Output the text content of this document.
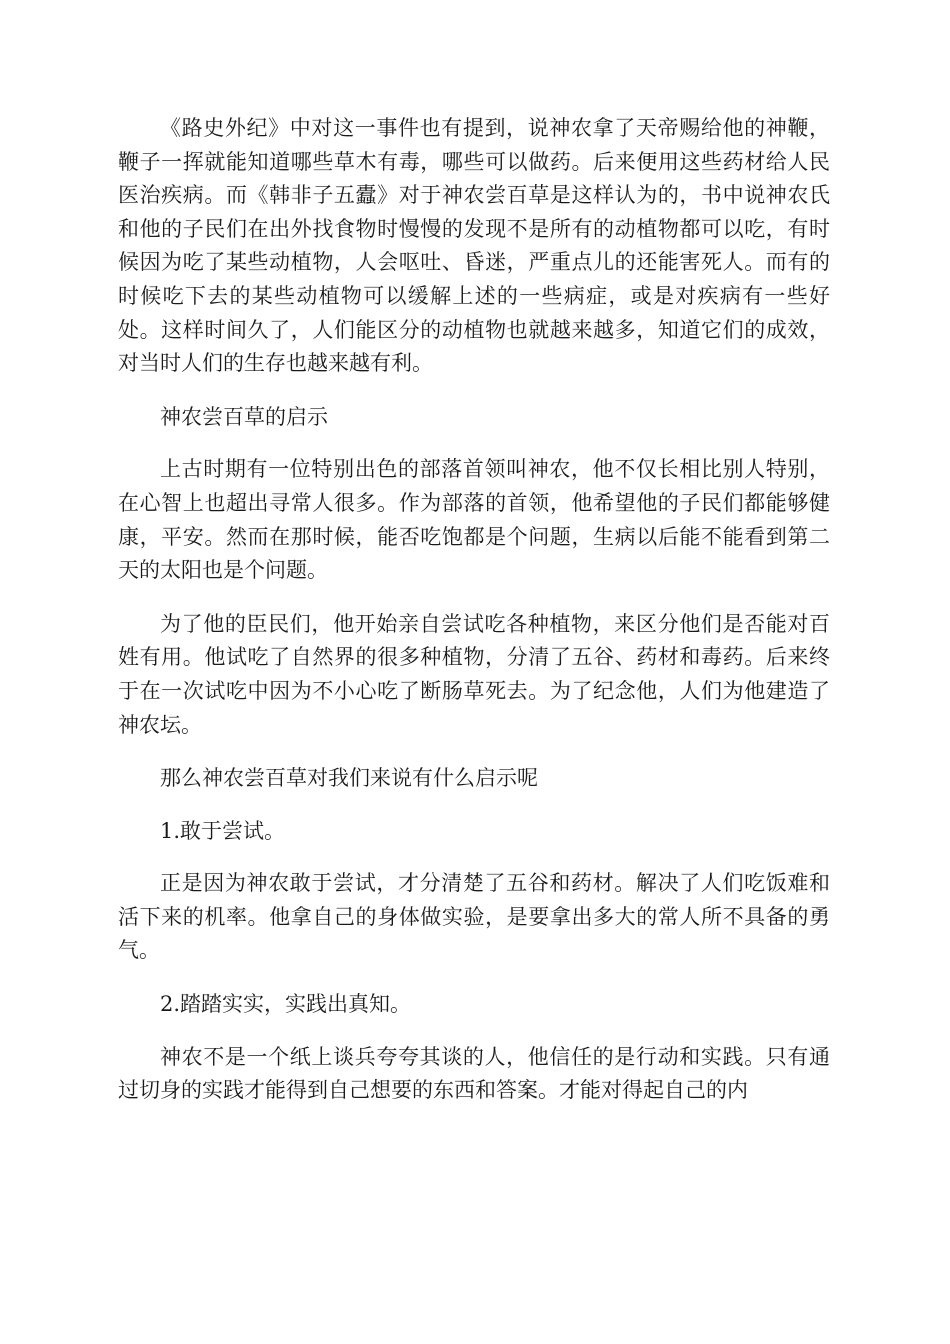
《路史外纪》中对这一事件也有提到，说神农拿了天帝赐给他的神鞭，鞭子一挥就能知道哪些草木有毒，哪些可以做药。后来便用这些药材给人民医治疾病。而《韩非子五蠹》对于神农尝百草是这样认为的，书中说神农氏和他的子民们在出外找食物时慢慢的发现不是所有的动植物都可以吃，有时候因为吃了某些动植物，人会呕吐、昏迷，严重点儿的还能害死人。而有的时候吃下去的某些动植物可以缓解上述的一些病症，或是对疾病有一些好处。这样时间久了，人们能区分的动植物也就越来越多，知道它们的成效，对当时人们的生存也越来越有利。

神农尝百草的启示

上古时期有一位特别出色的部落首领叫神农，他不仅长相比别人特别，在心智上也超出寻常人很多。作为部落的首领，他希望他的子民们都能够健康，平安。然而在那时候，能否吃饱都是个问题，生病以后能不能看到第二天的太阳也是个问题。

为了他的臣民们，他开始亲自尝试吃各种植物，来区分他们是否能对百姓有用。他试吃了自然界的很多种植物，分清了五谷、药材和毒药。后来终于在一次试吃中因为不小心吃了断肠草死去。为了纪念他，人们为他建造了神农坛。

那么神农尝百草对我们来说有什么启示呢

1.敢于尝试。

正是因为神农敢于尝试，才分清楚了五谷和药材。解决了人们吃饭难和活下来的机率。他拿自己的身体做实验，是要拿出多大的常人所不具备的勇气。

2.踏踏实实，实践出真知。

神农不是一个纸上谈兵夸夸其谈的人，他信任的是行动和实践。只有通过切身的实践才能得到自己想要的东西和答案。才能对得起自己的内
